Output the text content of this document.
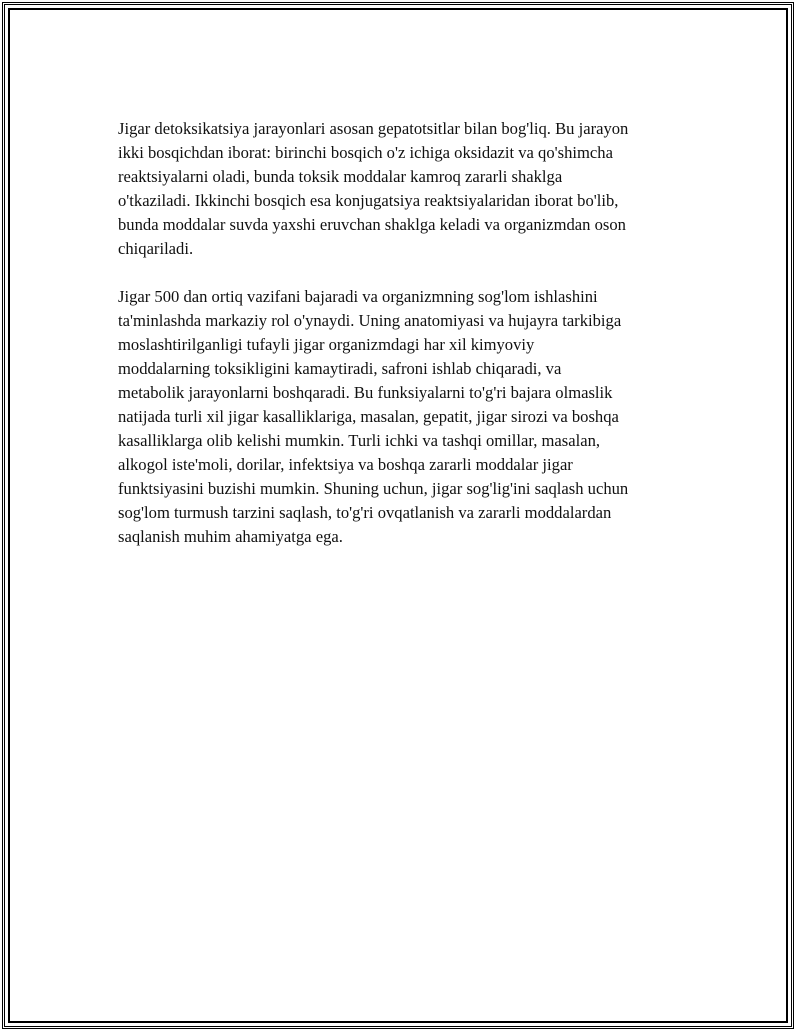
Jigar detoksikatsiya jarayonlari asosan gepatotsitlar bilan bog'liq. Bu jarayon
ikki bosqichdan iborat: birinchi bosqich o'z ichiga oksidazit va qo'shimcha
reaktsiyalarni oladi, bunda toksik moddalar kamroq zararli shaklga
o'tkaziladi. Ikkinchi bosqich esa konjugatsiya reaktsiyalaridan iborat bo'lib,
bunda moddalar suvda yaxshi eruvchan shaklga keladi va organizmdan oson
chiqariladi.

Jigar 500 dan ortiq vazifani bajaradi va organizmning sog'lom ishlashini
ta'minlashda markaziy rol o'ynaydi. Uning anatomiyasi va hujayra tarkibiga
moslashtirilganligi tufayli jigar organizmdagi har xil kimyoviy
moddalarning toksikligini kamaytiradi, safroni ishlab chiqaradi, va
metabolik jarayonlarni boshqaradi. Bu funksiyalarni to'g'ri bajara olmaslik
natijada turli xil jigar kasalliklariga, masalan, gepatit, jigar sirozi va boshqa
kasalliklarga olib kelishi mumkin. Turli ichki va tashqi omillar, masalan,
alkogol iste'moli, dorilar, infektsiya va boshqa zararli moddalar jigar
funktsiyasini buzishi mumkin. Shuning uchun, jigar sog'lig'ini saqlash uchun
sog'lom turmush tarzini saqlash, to'g'ri ovqatlanish va zararli moddalardan
saqlanish muhim ahamiyatga ega.
